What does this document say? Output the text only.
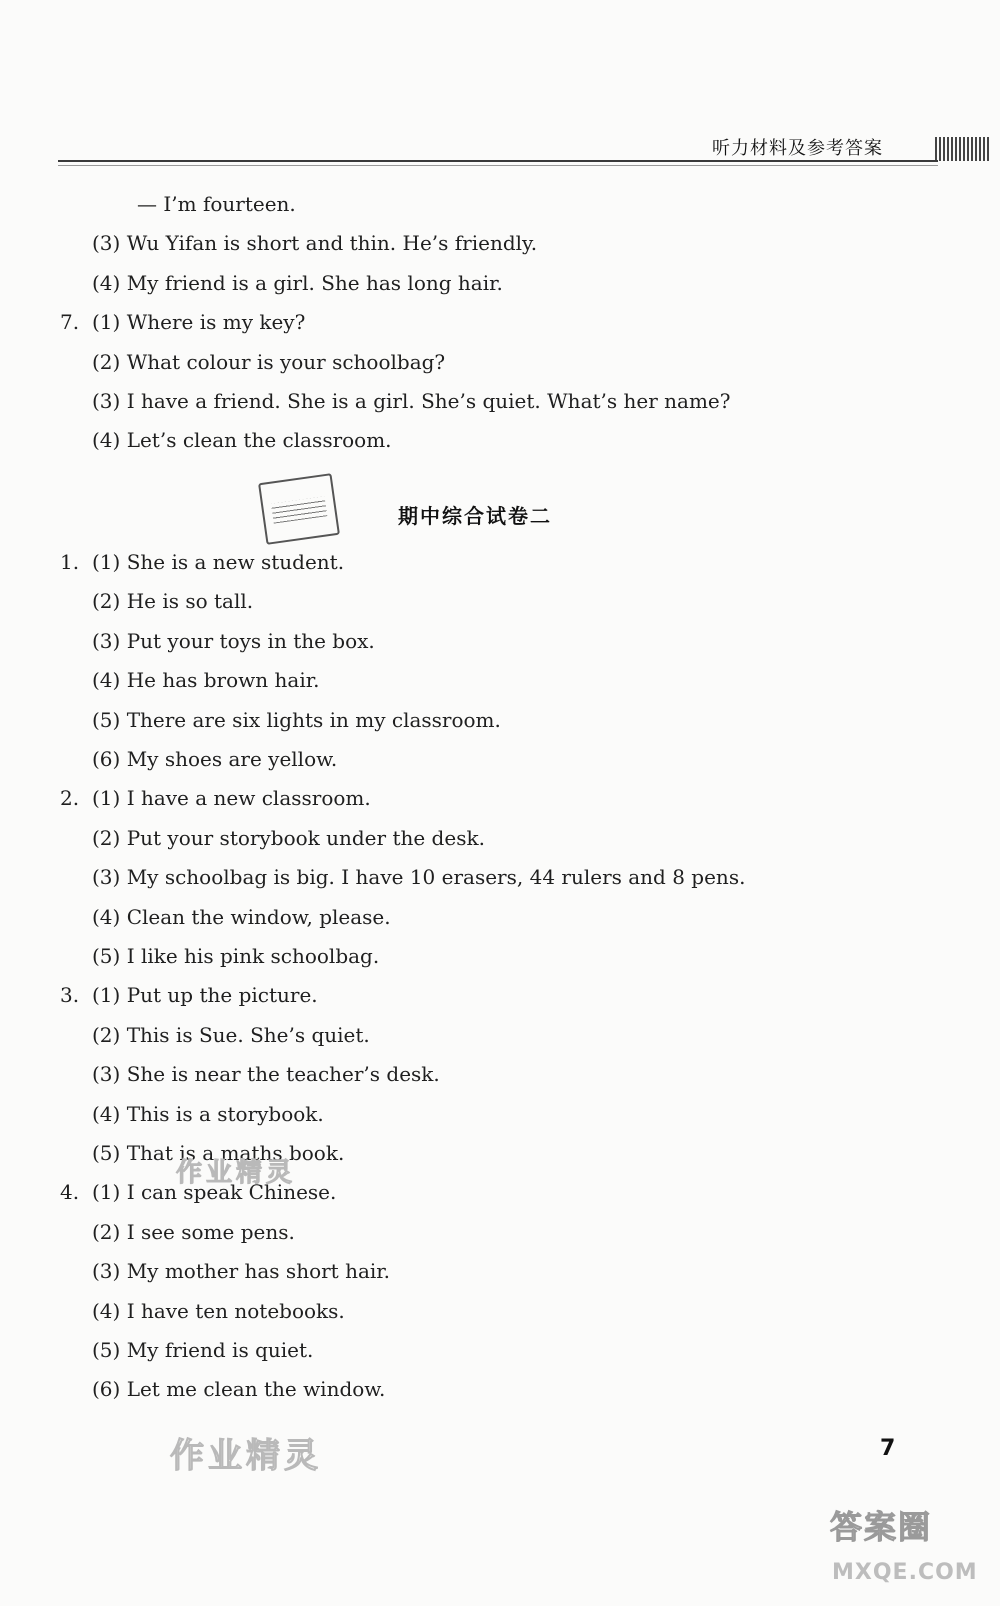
听力材料及参考答案
— I’m fourteen.
(3) Wu Yifan is short and thin. He’s friendly.
(4) My friend is a girl. She has long hair.
7. (1) Where is my key?
(2) What colour is your schoolbag?
(3) I have a friend. She is a girl. She’s quiet. What’s her name?
(4) Let’s clean the classroom.
期中综合试卷二
1. (1) She is a new student.
(2) He is so tall.
(3) Put your toys in the box.
(4) He has brown hair.
(5) There are six lights in my classroom.
(6) My shoes are yellow.
2. (1) I have a new classroom.
(2) Put your storybook under the desk.
(3) My schoolbag is big. I have 10 erasers, 44 rulers and 8 pens.
(4) Clean the window, please.
(5) I like his pink schoolbag.
3. (1) Put up the picture.
(2) This is Sue. She’s quiet.
(3) She is near the teacher’s desk.
(4) This is a storybook.
(5) That is a maths book.
4. (1) I can speak Chinese.
(2) I see some pens.
(3) My mother has short hair.
(4) I have ten notebooks.
(5) My friend is quiet.
(6) Let me clean the window.
作业精灵
作业精灵	7
答案圈
MXQE.COM
